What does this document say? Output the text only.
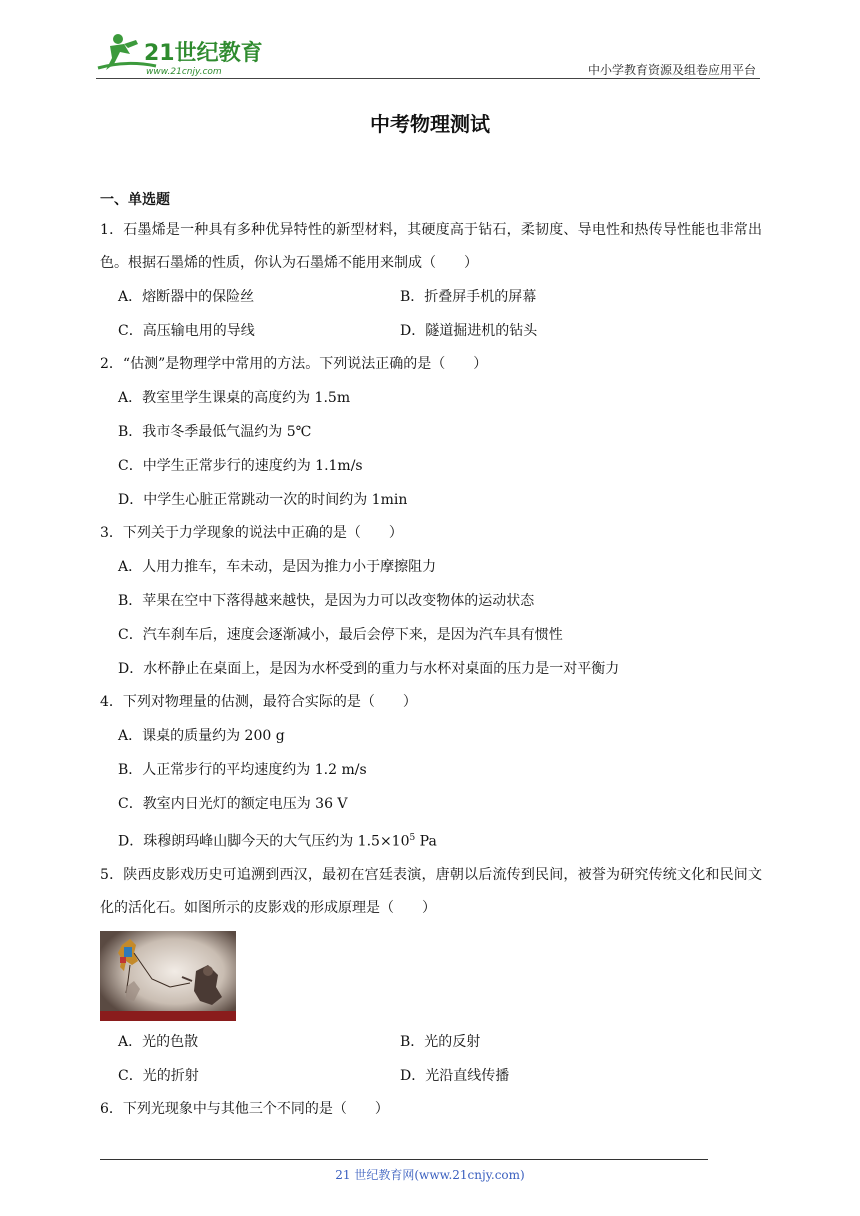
21世纪教育
www.21cnjy.com	中小学教育资源及组卷应用平台
中考物理测试
一、单选题
1．石墨烯是一种具有多种优异特性的新型材料，其硬度高于钻石，柔韧度、导电性和热传导性能也非常出色。根据石墨烯的性质，你认为石墨烯不能用来制成（　　）
A．熔断器中的保险丝	B．折叠屏手机的屏幕
C．高压输电用的导线	D．隧道掘进机的钻头
2．“估测”是物理学中常用的方法。下列说法正确的是（　　）
A．教室里学生课桌的高度约为 1.5m
B．我市冬季最低气温约为 5℃
C．中学生正常步行的速度约为 1.1m/s
D．中学生心脏正常跳动一次的时间约为 1min
3．下列关于力学现象的说法中正确的是（　　）
A．人用力推车，车未动，是因为推力小于摩擦阻力
B．苹果在空中下落得越来越快，是因为力可以改变物体的运动状态
C．汽车刹车后，速度会逐渐减小，最后会停下来，是因为汽车具有惯性
D．水杯静止在桌面上，是因为水杯受到的重力与水杯对桌面的压力是一对平衡力
4．下列对物理量的估测，最符合实际的是（　　）
A．课桌的质量约为 200 g
B．人正常步行的平均速度约为 1.2 m/s
C．教室内日光灯的额定电压为 36 V
D．珠穆朗玛峰山脚今天的大气压约为 $1.5\times 10^5$ Pa
5．陕西皮影戏历史可追溯到西汉，最初在宫廷表演，唐朝以后流传到民间，被誉为研究传统文化和民间文化的活化石。如图所示的皮影戏的形成原理是（　　）
A．光的色散	B．光的反射
C．光的折射	D．光沿直线传播
6．下列光现象中与其他三个不同的是（　　）
21 世纪教育网(www.21cnjy.com)
